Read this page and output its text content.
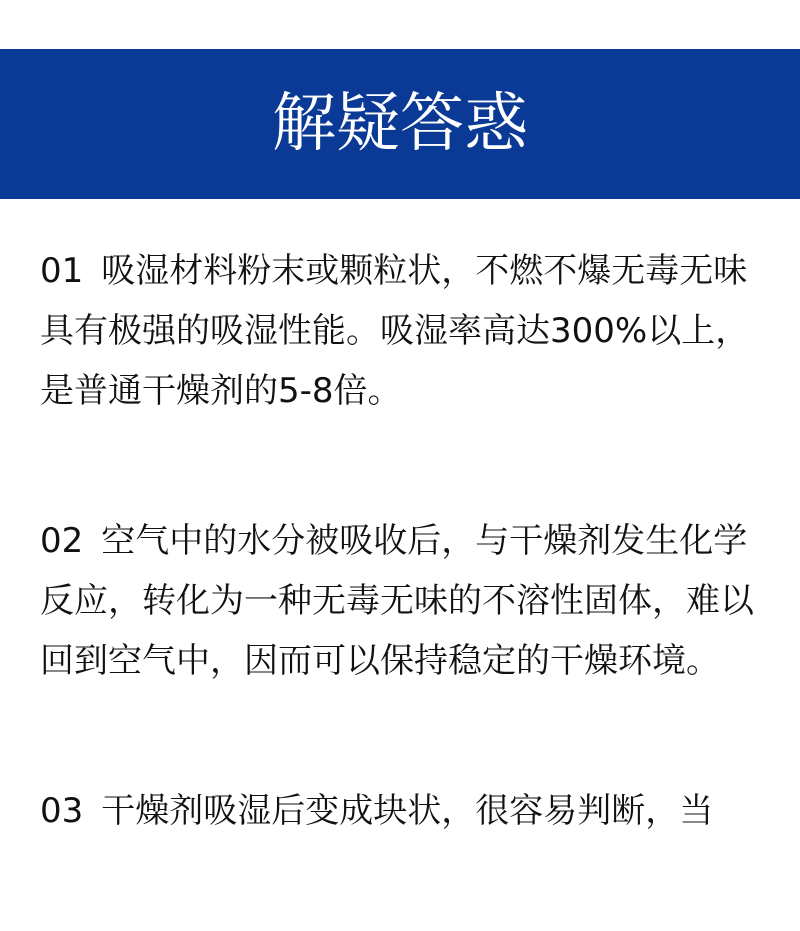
解疑答惑

01 吸湿材料粉末或颗粒状，不燃不爆无毒无味具有极强的吸湿性能。吸湿率高达300%以上，是普通干燥剂的5-8倍。

02 空气中的水分被吸收后，与干燥剂发生化学反应，转化为一种无毒无味的不溶性固体，难以回到空气中，因而可以保持稳定的干燥环境。

03 干燥剂吸湿后变成块状，很容易判断，当
